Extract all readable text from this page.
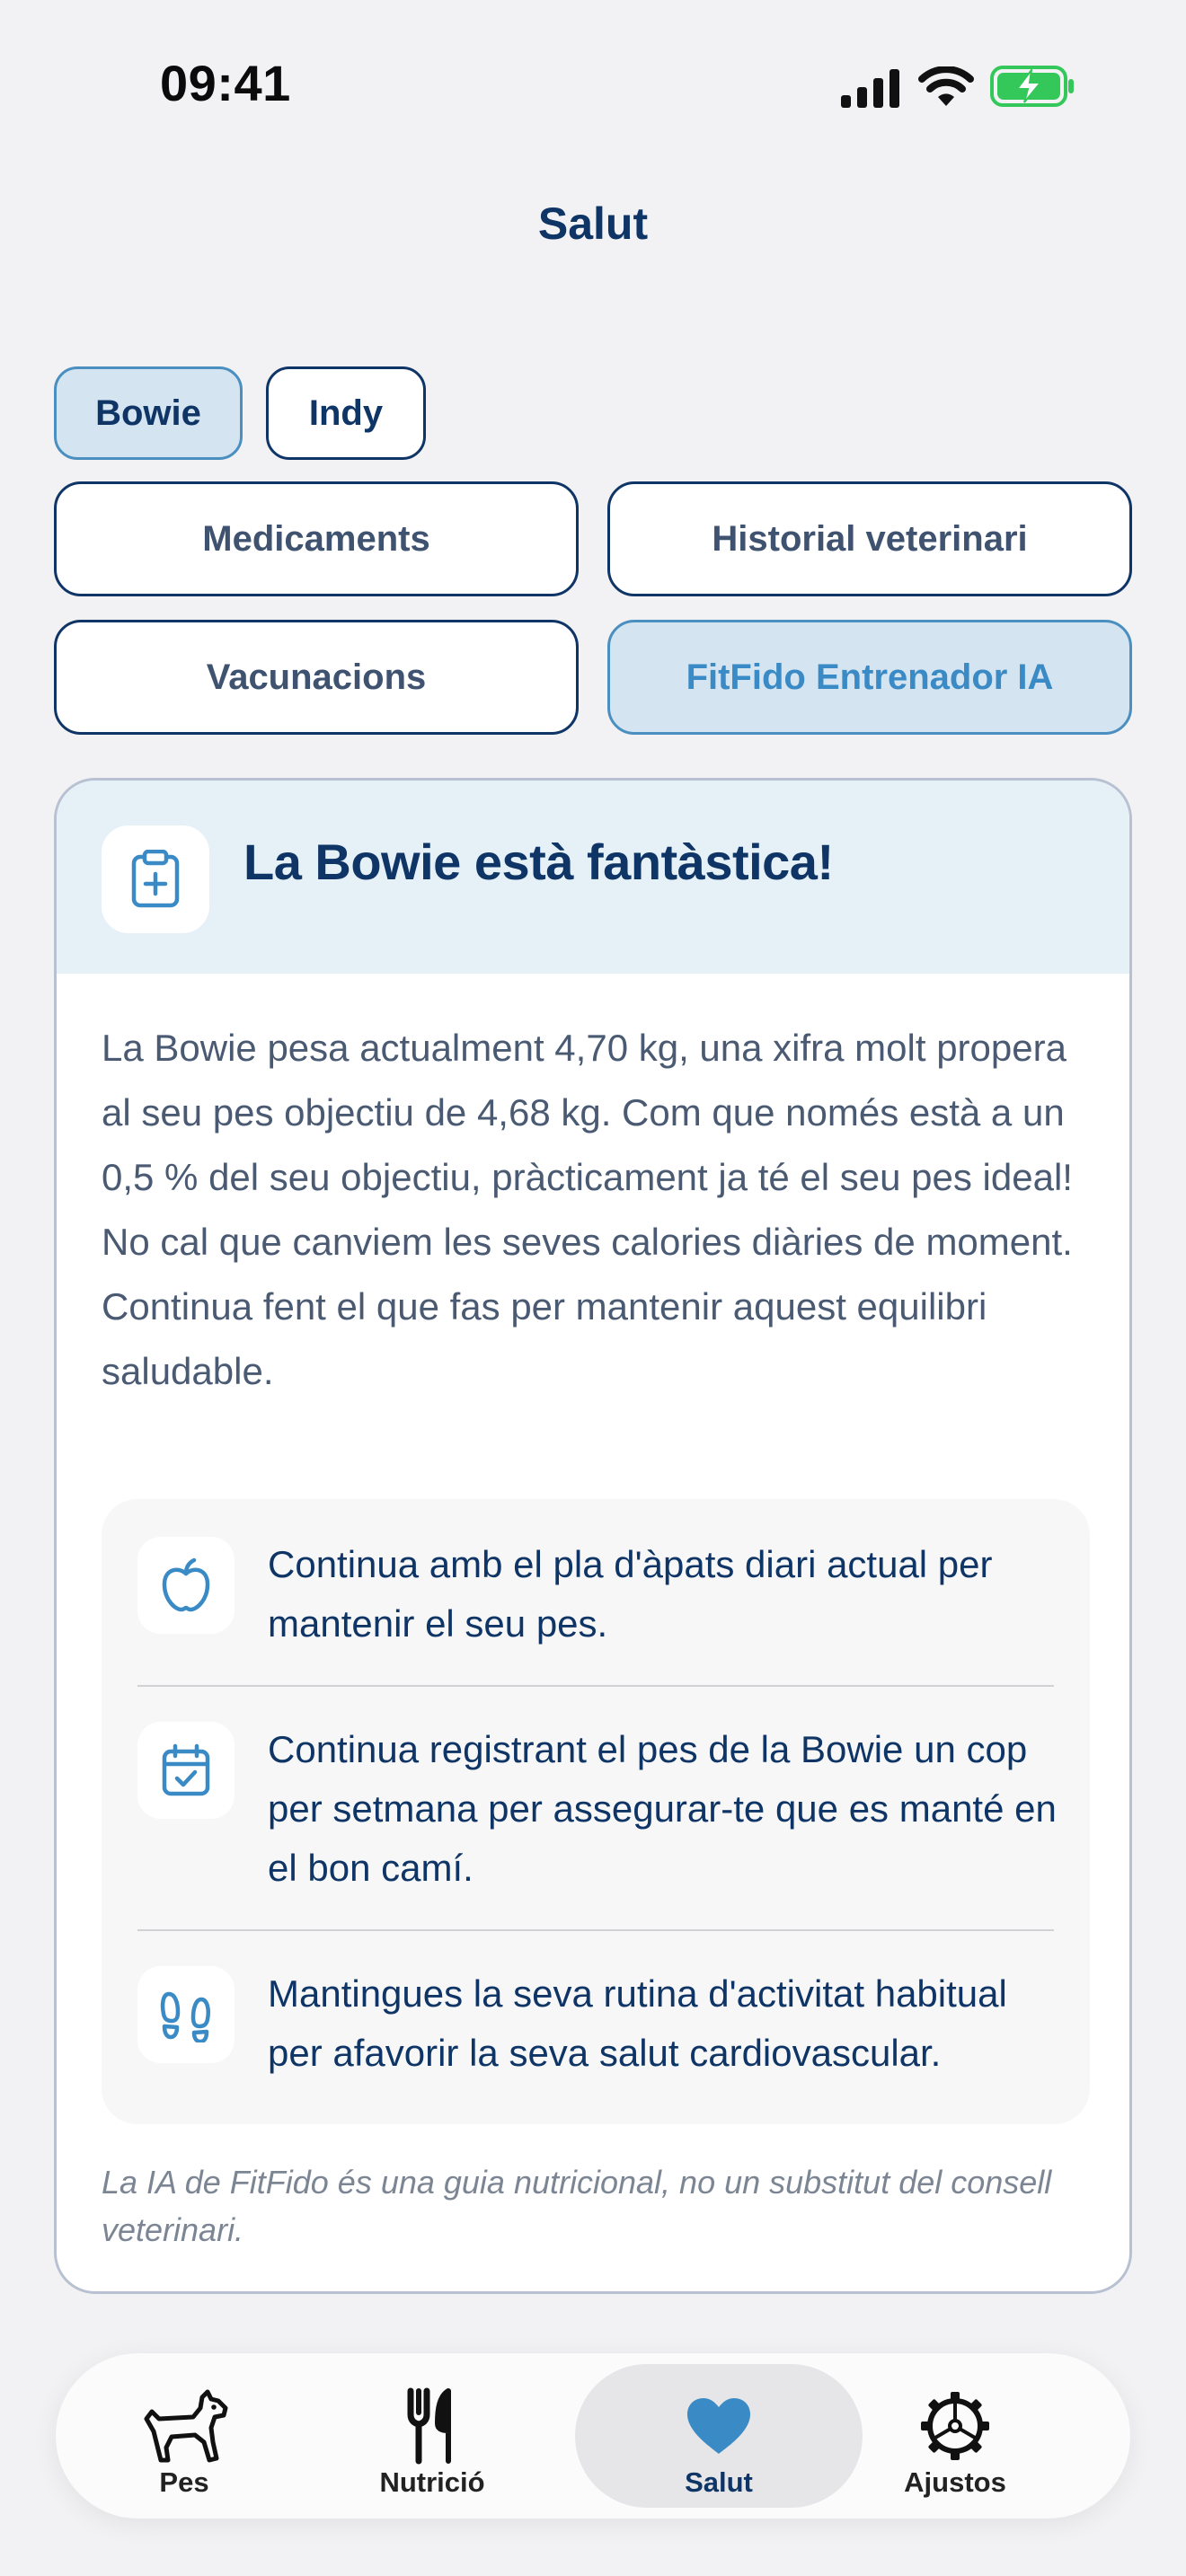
09:41
Salut
Bowie	Indy
Medicaments	Historial veterinari
Vacunacions	FitFido Entrenador IA
La Bowie està fantàstica!
La Bowie pesa actualment 4,70 kg, una xifra molt propera al seu pes objectiu de 4,68 kg. Com que només està a un 0,5 % del seu objectiu, pràcticament ja té el seu pes ideal! No cal que canviem les seves calories diàries de moment. Continua fent el que fas per mantenir aquest equilibri saludable.
Continua amb el pla d'àpats diari actual per mantenir el seu pes.
Continua registrant el pes de la Bowie un cop per setmana per assegurar-te que es manté en el bon camí.
Mantingues la seva rutina d'activitat habitual per afavorir la seva salut cardiovascular.
La IA de FitFido és una guia nutricional, no un substitut del consell veterinari.
Pes	Nutrició	Salut	Ajustos
